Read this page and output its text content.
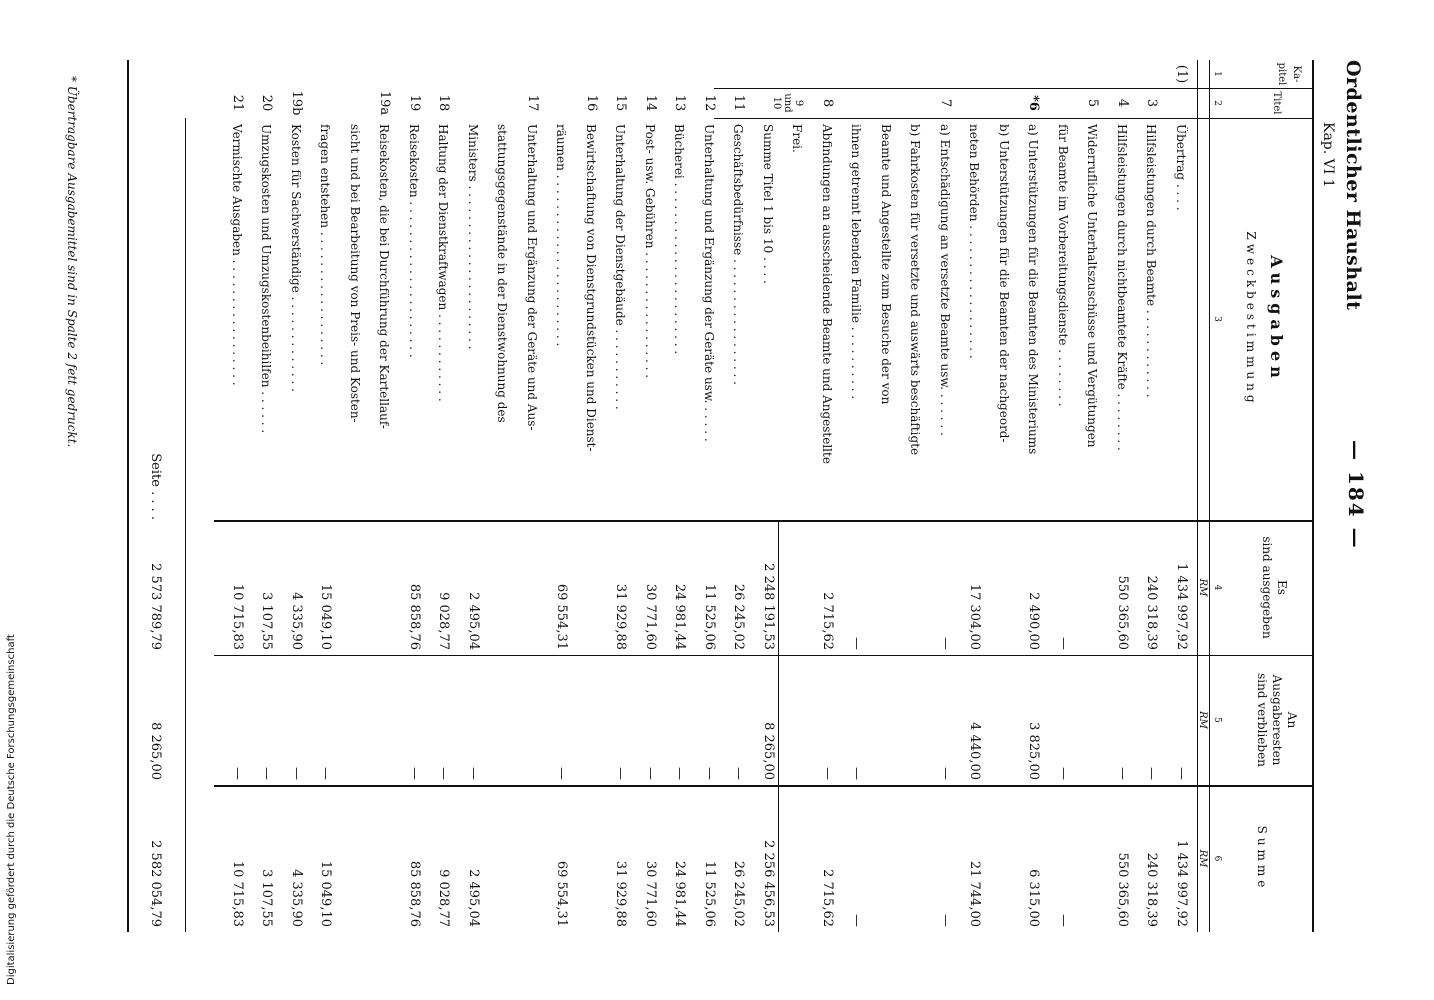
Ordentlicher Haushalt
Kap. VI 1
— 184 —
Ka-
pitel
Titel
Ausgaben
Zweckbestimmung
Es
sind ausgegeben
An
Ausgaberesten
sind verblieben
Summe
1
2
3
4
5
6
RM
RM
RM
(1)
Übertrag . . . .
1 434 997,92
—
1 434 997,92
3
Hilfsleistungen durch Beamte . . . . . . . . . . . .
240 318,39
—
240 318,39
4
Hilfsleistungen durch nichtbeamtete Kräfte . . . . . . . .
550 365,60
—
550 365,60
5
Widerrufliche Unterhaltszuschüsse und Vergütungen
für Beamte im Vorbereitungsdienste . . . . . . . .
—
—
—
*6
a) Unterstützungen für die Beamten des Ministeriums
2 490,00
3 825,00
6 315,00
b) Unterstützungen für die Beamten der nachgeord-
neten Behörden . . . . . . . . . . . . . . . . . .
17 304,00
4 440,00
21 744,00
7
a) Entschädigung an versetzte Beamte usw. . . . . . .
—
—
—
b) Fahrkosten für versetzte und auswärts beschäftigte
Beamte und Angestellte zum Besuche der von
ihnen getrennt lebenden Familie . . . . . . . . . .
—
—
—
8
Abfindungen an ausscheidende Beamte und Angestellte
2 715,62
—
2 715,62
9
und
10
Frei.
Summe Titel 1 bis 10 . . . .
2 248 191,53
8 265,00
2 256 456,53
11
Geschäftsbedürfnisse . . . . . . . . . . . . . . . . .
26 245,02
—
26 245,02
12
Unterhaltung und Ergänzung der Geräte usw. . . . . .
11 525,06
—
11 525,06
13
Bücherei . . . . . . . . . . . . . . . . . . . . . . .
24 981,44
—
24 981,44
14
Post- usw. Gebühren . . . . . . . . . . . . . . . . .
30 771,60
—
30 771,60
15
Unterhaltung der Dienstgebäude . . . . . . . . . . .
31 929,88
—
31 929,88
16
Bewirtschaftung von Dienstgrundstücken und Dienst-
räumen . . . . . . . . . . . . . . . . . . . . . . .
69 554,31
—
69 554,31
17
Unterhaltung und Ergänzung der Geräte und Aus-
stattungsgegenstände in der Dienstwohnung des
Ministers . . . . . . . . . . . . . . . . . . . . . .
2 495,04
—
2 495,04
18
Haltung der Dienstkraftwagen . . . . . . . . . . . .
9 028,77
—
9 028,77
19
Reisekosten . . . . . . . . . . . . . . . . . . . . .
85 858,76
—
85 858,76
19a
Reisekosten, die bei Durchführung der Kartellauf-
sicht und bei Bearbeitung von Preis- und Kosten-
fragen entstehen . . . . . . . . . . . . . . . . . .
15 049,10
—
15 049,10
19b
Kosten für Sachverständige . . . . . . . . . . . . .
4 335,90
—
4 335,90
20
Umzugskosten und Umzugskostenbeihilfen . . . . . .
3 107,55
—
3 107,55
21
Vermischte Ausgaben . . . . . . . . . . . . . . . . .
10 715,83
—
10 715,83
Seite . . . .
2 573 789,79
8 265,00
2 582 054,79
* Übertragbare Ausgabemittel sind in Spalte 2 fett gedruckt.
Digitalisierung gefördert durch die Deutsche Forschungsgemeinschaft
